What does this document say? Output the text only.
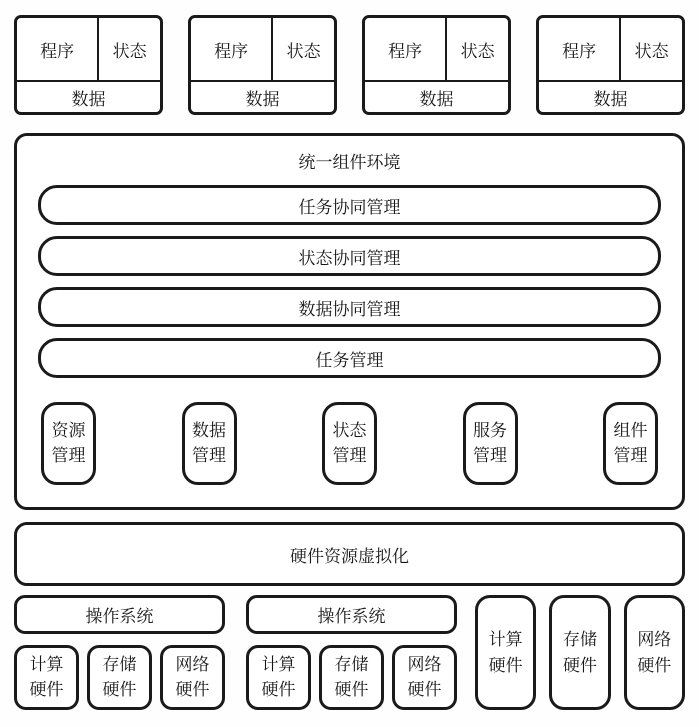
程序	状态
数据
程序	状态
数据
程序	状态
数据
程序	状态
数据
统一组件环境
任务协同管理
状态协同管理
数据协同管理
任务管理
资源管理
数据管理
状态管理
服务管理
组件管理
硬件资源虚拟化
操作系统
计算硬件
存储硬件
网络硬件
操作系统
计算硬件
存储硬件
网络硬件
计算硬件
存储硬件
网络硬件
